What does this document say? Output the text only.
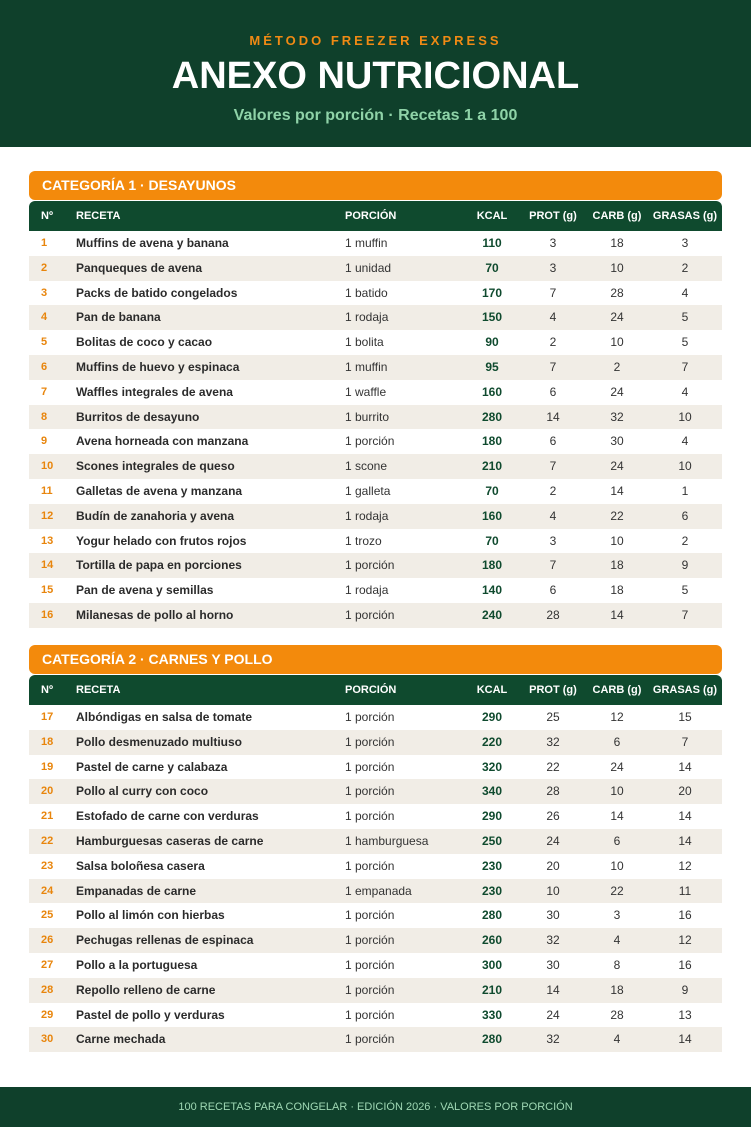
MÉTODO FREEZER EXPRESS
ANEXO NUTRICIONAL
Valores por porción · Recetas 1 a 100
CATEGORÍA 1 · DESAYUNOS
Nº RECETA	PORCIÓN	KCAL	PROT (g) CARB (g) GRASAS (g)
1 Muffins de avena y banana	1 muffin	110	3	18	3
2 Panqueques de avena	1 unidad	70	3	10	2
3 Packs de batido congelados	1 batido	170	7	28	4
4 Pan de banana	1 rodaja	150	4	24	5
5 Bolitas de coco y cacao	1 bolita	90	2	10	5
6 Muffins de huevo y espinaca	1 muffin	95	7	2	7
7 Waffles integrales de avena	1 waffle	160	6	24	4
8 Burritos de desayuno	1 burrito	280	14	32	10
9 Avena horneada con manzana	1 porción	180	6	30	4
10 Scones integrales de queso	1 scone	210	7	24	10
11 Galletas de avena y manzana	1 galleta	70	2	14	1
12 Budín de zanahoria y avena	1 rodaja	160	4	22	6
13 Yogur helado con frutos rojos	1 trozo	70	3	10	2
14 Tortilla de papa en porciones	1 porción	180	7	18	9
15 Pan de avena y semillas	1 rodaja	140	6	18	5
16 Milanesas de pollo al horno	1 porción	240	28	14	7
CATEGORÍA 2 · CARNES Y POLLO
Nº RECETA	PORCIÓN	KCAL	PROT (g) CARB (g) GRASAS (g)
17 Albóndigas en salsa de tomate	1 porción	290	25	12	15
18 Pollo desmenuzado multiuso	1 porción	220	32	6	7
19 Pastel de carne y calabaza	1 porción	320	22	24	14
20 Pollo al curry con coco	1 porción	340	28	10	20
21 Estofado de carne con verduras	1 porción	290	26	14	14
22 Hamburguesas caseras de carne	1 hamburguesa	250	24	6	14
23 Salsa boloñesa casera	1 porción	230	20	10	12
24 Empanadas de carne	1 empanada	230	10	22	11
25 Pollo al limón con hierbas	1 porción	280	30	3	16
26 Pechugas rellenas de espinaca	1 porción	260	32	4	12
27 Pollo a la portuguesa	1 porción	300	30	8	16
28 Repollo relleno de carne	1 porción	210	14	18	9
29 Pastel de pollo y verduras	1 porción	330	24	28	13
30 Carne mechada	1 porción	280	32	4	14
100 RECETAS PARA CONGELAR · EDICIÓN 2026 · VALORES POR PORCIÓN
